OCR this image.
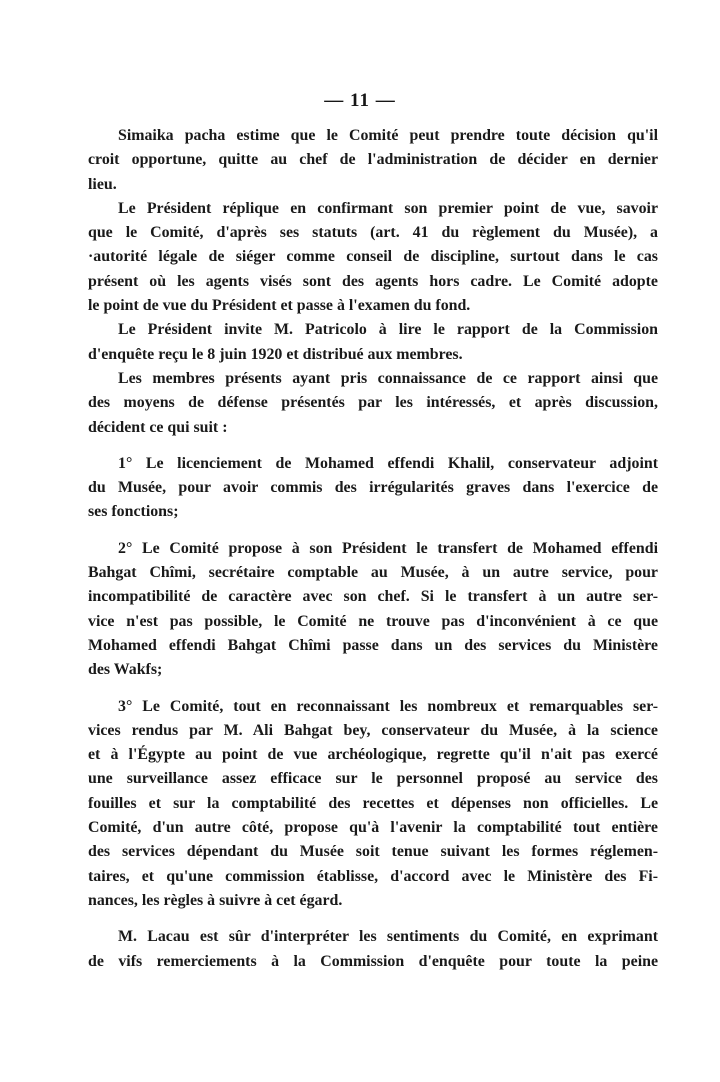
— 11 —
Simaika pacha estime que le Comité peut prendre toute décision qu'il
croit opportune, quitte au chef de l'administration de décider en dernier
lieu.
Le Président réplique en confirmant son premier point de vue, savoir
que le Comité, d'après ses statuts (art. 41 du règlement du Musée), a
·autorité légale de siéger comme conseil de discipline, surtout dans le cas
présent où les agents visés sont des agents hors cadre. Le Comité adopte
le point de vue du Président et passe à l'examen du fond.
Le Président invite M. Patricolo à lire le rapport de la Commission
d'enquête reçu le 8 juin 1920 et distribué aux membres.
Les membres présents ayant pris connaissance de ce rapport ainsi que
des moyens de défense présentés par les intéressés, et après discussion,
décident ce qui suit :
1° Le licenciement de Mohamed effendi Khalil, conservateur adjoint
du Musée, pour avoir commis des irrégularités graves dans l'exercice de
ses fonctions;
2° Le Comité propose à son Président le transfert de Mohamed effendi
Bahgat Chîmi, secrétaire comptable au Musée, à un autre service, pour
incompatibilité de caractère avec son chef. Si le transfert à un autre ser-
vice n'est pas possible, le Comité ne trouve pas d'inconvénient à ce que
Mohamed effendi Bahgat Chîmi passe dans un des services du Ministère
des Wakfs;
3° Le Comité, tout en reconnaissant les nombreux et remarquables ser-
vices rendus par M. Ali Bahgat bey, conservateur du Musée, à la science
et à l'Égypte au point de vue archéologique, regrette qu'il n'ait pas exercé
une surveillance assez efficace sur le personnel proposé au service des
fouilles et sur la comptabilité des recettes et dépenses non officielles. Le
Comité, d'un autre côté, propose qu'à l'avenir la comptabilité tout entière
des services dépendant du Musée soit tenue suivant les formes réglemen-
taires, et qu'une commission établisse, d'accord avec le Ministère des Fi-
nances, les règles à suivre à cet égard.
M. Lacau est sûr d'interpréter les sentiments du Comité, en exprimant
de vifs remerciements à la Commission d'enquête pour toute la peine
